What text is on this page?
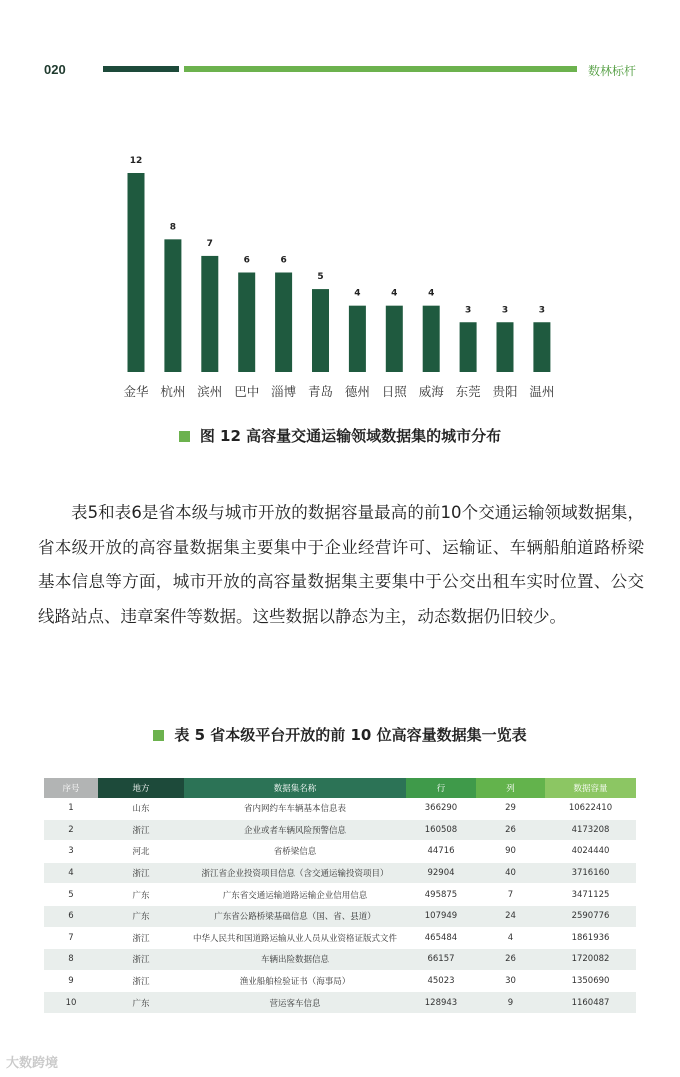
020	数林标杆
12
金华
8
杭州
7
滨州
6
巴中
6
淄博
5
青岛
4
德州
4
日照
4
威海
3
东莞
3
贵阳
3
温州
图 12 高容量交通运输领域数据集的城市分布

表5和表6是省本级与城市开放的数据容量最高的前10个交通运输领域数据集，省本级开放的高容量数据集主要集中于企业经营许可、运输证、车辆船舶道路桥梁基本信息等方面，城市开放的高容量数据集主要集中于公交出租车实时位置、公交线路站点、违章案件等数据。这些数据以静态为主，动态数据仍旧较少。

表 5 省本级平台开放的前 10 位高容量数据集一览表
序号	地方	数据集名称	行	列	数据容量
1	山东	省内网约车车辆基本信息表	366290	29	10622410
2	浙江	企业或者车辆风险预警信息	160508	26	4173208
3	河北	省桥梁信息	44716	90	4024440
4	浙江	浙江省企业投资项目信息（含交通运输投资项目）	92904	40	3716160
5	广东	广东省交通运输道路运输企业信用信息	495875	7	3471125
6	广东	广东省公路桥梁基础信息（国、省、县道）	107949	24	2590776
7	浙江	中华人民共和国道路运输从业人员从业资格证版式文件	465484	4	1861936
8	浙江	车辆出险数据信息	66157	26	1720082
9	浙江	渔业船舶检验证书（海事局）	45023	30	1350690
10	广东	营运客车信息	128943	9	1160487
大数跨境
